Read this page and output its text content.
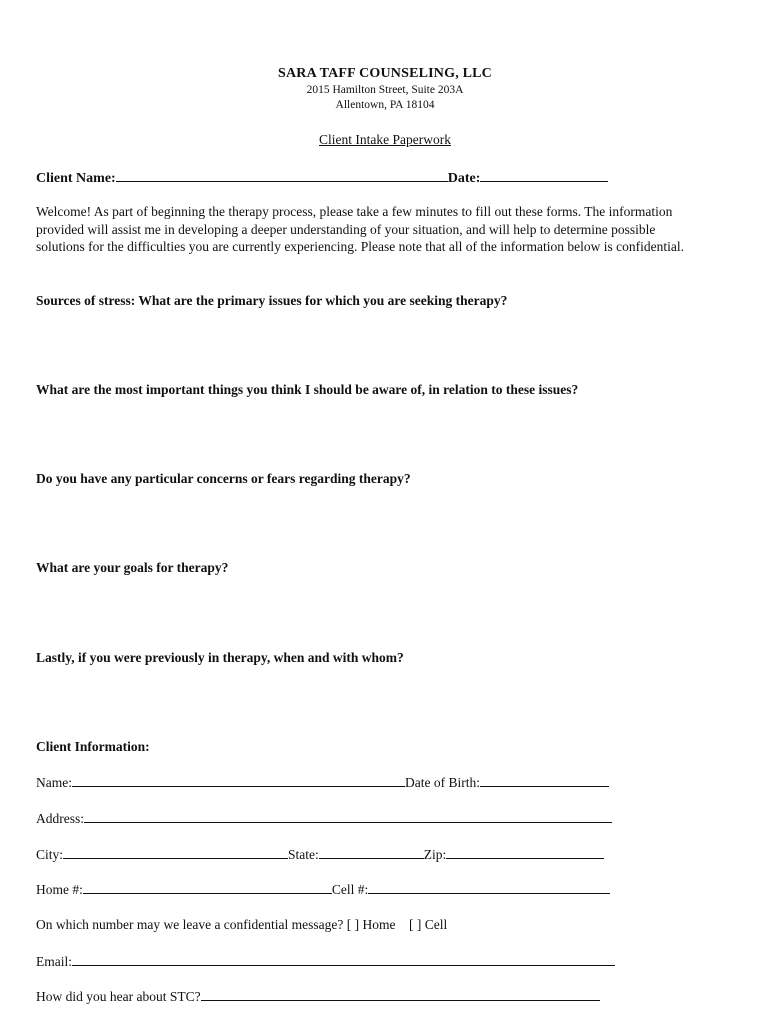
SARA TAFF COUNSELING, LLC
2015 Hamilton Street, Suite 203A
Allentown, PA 18104
Client Intake Paperwork
Client Name:	Date:
Welcome! As part of beginning the therapy process, please take a few minutes to fill out these forms. The information provided will assist me in developing a deeper understanding of your situation, and will help to determine possible solutions for the difficulties you are currently experiencing. Please note that all of the information below is confidential.
Sources of stress: What are the primary issues for which you are seeking therapy?
What are the most important things you think I should be aware of, in relation to these issues?
Do you have any particular concerns or fears regarding therapy?
What are your goals for therapy?
Lastly, if you were previously in therapy, when and with whom?
Client Information:
Name:	Date of Birth:
Address:
City:	State:	Zip:
Home #:	Cell #:
On which number may we leave a confidential message? [ ] Home [ ] Cell
Email:
How did you hear about STC?
